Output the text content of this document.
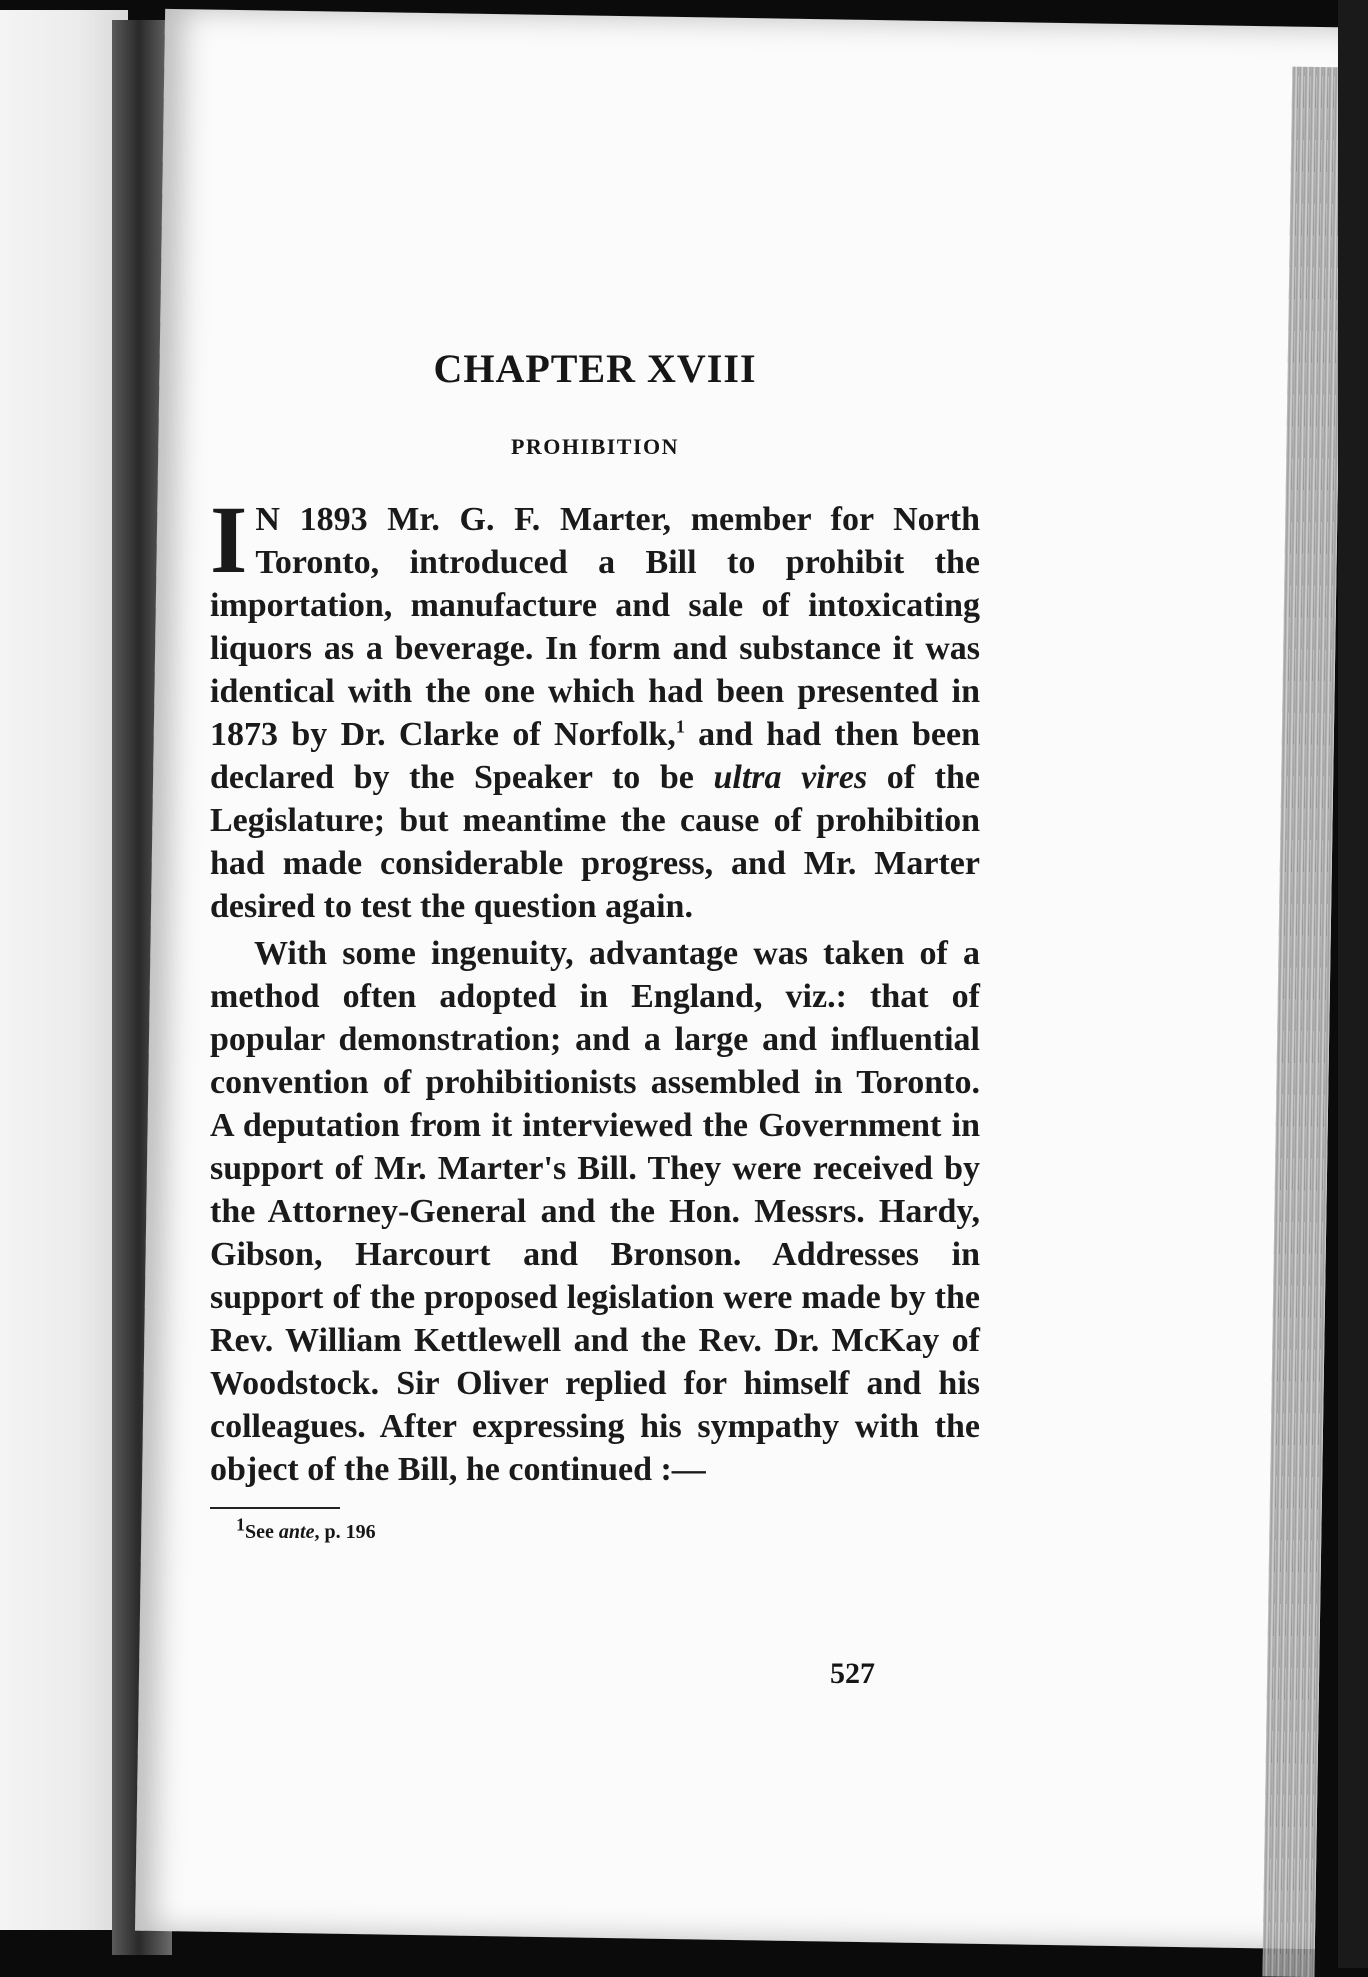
CHAPTER XVIII
PROHIBITION

I N 1893 Mr. G. F. Marter, member for North Toronto, introduced a Bill to prohibit the importation, manufacture and sale of intoxicating liquors as a beverage. In form and substance it was identical with the one which had been presented in 1873 by Dr. Clarke of Norfolk,$^1$ and had then been declared by the Speaker to be ultra vires of the Legislature; but meantime the cause of prohibition had made considerable progress, and Mr. Marter desired to test the question again.

With some ingenuity, advantage was taken of a method often adopted in England, viz.: that of popular demonstration; and a large and influential convention of prohibitionists assembled in Toronto. A deputation from it interviewed the Government in support of Mr. Marter's Bill. They were received by the Attorney-General and the Hon. Messrs. Hardy, Gibson, Harcourt and Bronson. Addresses in support of the proposed legislation were made by the Rev. William Kettlewell and the Rev. Dr. McKay of Woodstock. Sir Oliver replied for himself and his colleagues. After expressing his sympathy with the object of the Bill, he continued :—

1See ante, p. 196
527
